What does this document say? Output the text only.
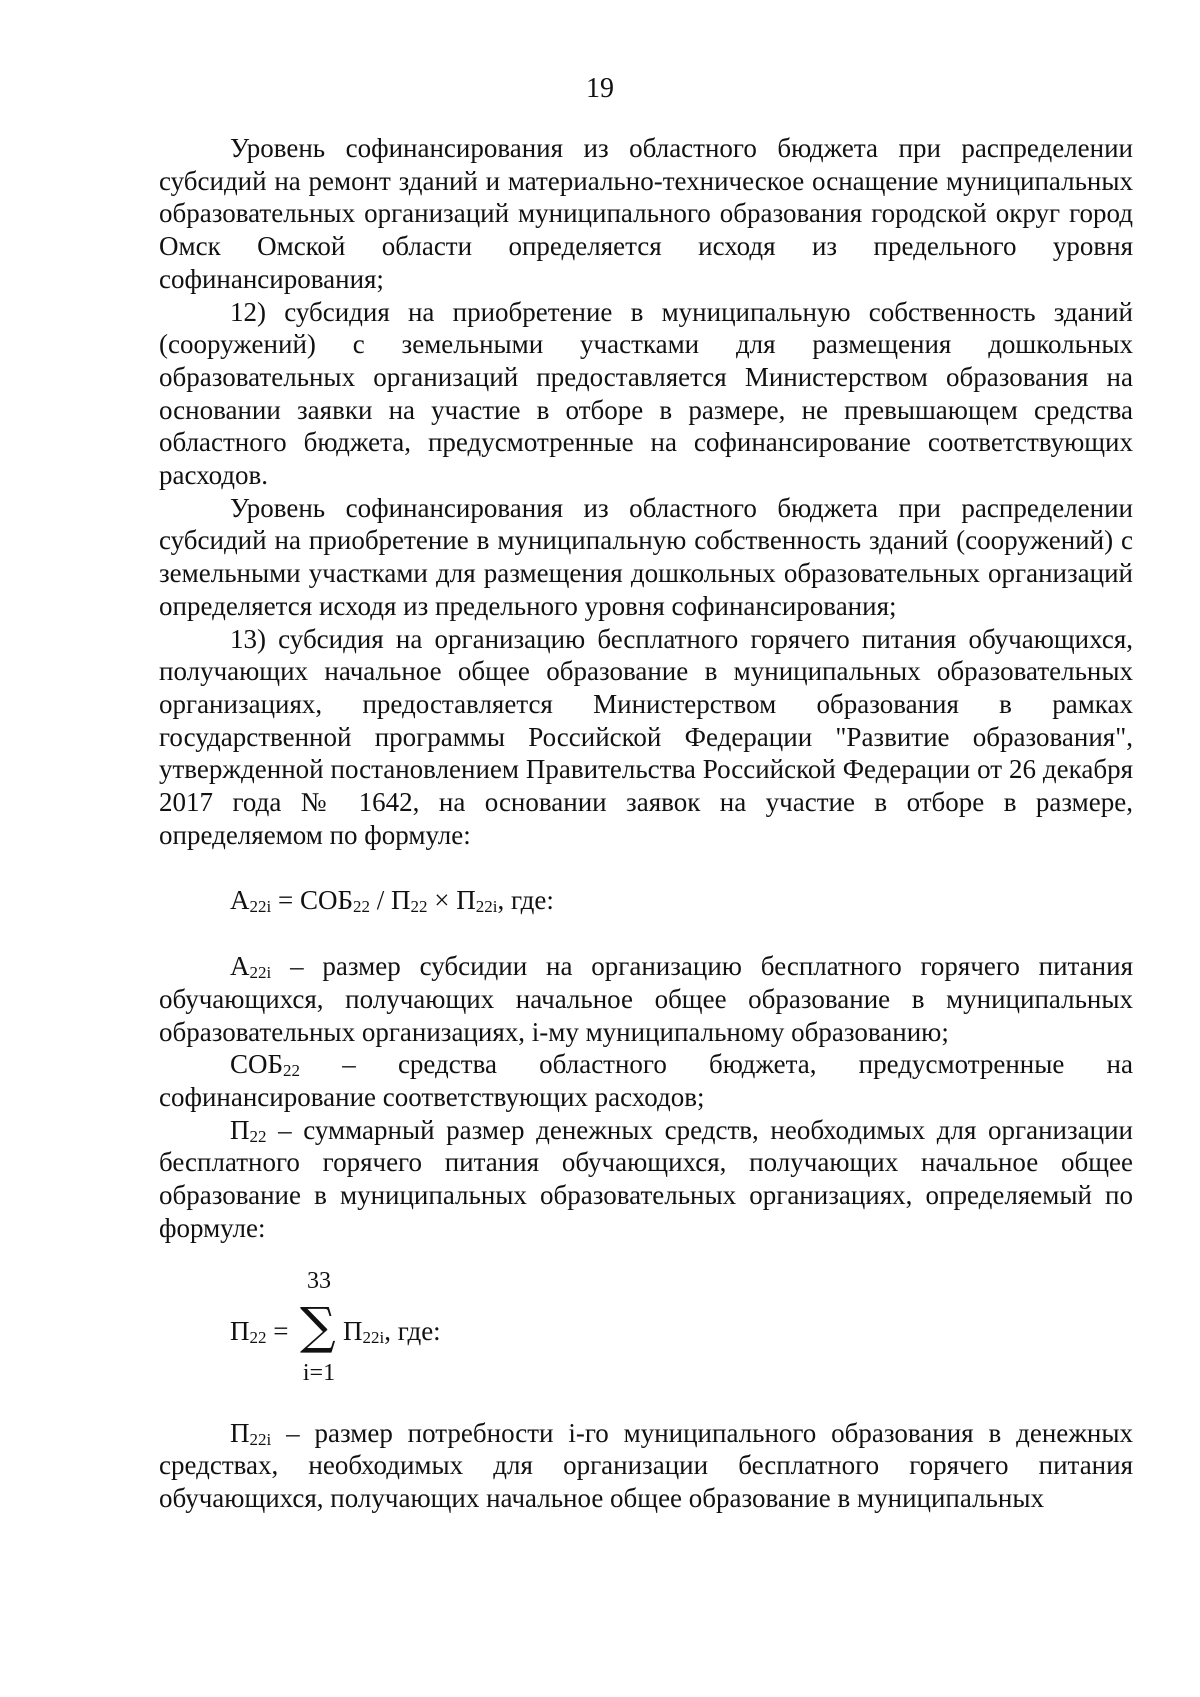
19

Уровень софинансирования из областного бюджета при распределении субсидий на ремонт зданий и материально-техническое оснащение муниципальных образовательных организаций муниципального образования городской округ город Омск Омской области определяется исходя из предельного уровня софинансирования;

12) субсидия на приобретение в муниципальную собственность зданий (сооружений) с земельными участками для размещения дошкольных образовательных организаций предоставляется Министерством образования на основании заявки на участие в отборе в размере, не превышающем средства областного бюджета, предусмотренные на софинансирование соответствующих расходов.

Уровень софинансирования из областного бюджета при распределении субсидий на приобретение в муниципальную собственность зданий (сооружений) с земельными участками для размещения дошкольных образовательных организаций определяется исходя из предельного уровня софинансирования;

13) субсидия на организацию бесплатного горячего питания обучающихся, получающих начальное общее образование в муниципальных образовательных организациях, предоставляется Министерством образования в рамках государственной программы Российской Федерации "Развитие образования", утвержденной постановлением Правительства Российской Федерации от 26 декабря 2017 года № 1642, на основании заявок на участие в отборе в размере, определяемом по формуле:

$А_{22i} = СОБ_{22} / П_{22} \times П_{22i}$, где:

$А_{22i}$ – размер субсидии на организацию бесплатного горячего питания обучающихся, получающих начальное общее образование в муниципальных образовательных организациях, i-му муниципальному образованию;

$СОБ_{22}$ – средства областного бюджета, предусмотренные на софинансирование соответствующих расходов;

$П_{22}$ – суммарный размер денежных средств, необходимых для организации бесплатного горячего питания обучающихся, получающих начальное общее образование в муниципальных образовательных организациях, определяемый по формуле:

33
$П_{22}$ = ∑ $П_{22i}$, где:
i=1

$П_{22i}$ – размер потребности i-го муниципального образования в денежных средствах, необходимых для организации бесплатного горячего питания обучающихся, получающих начальное общее образование в муниципальных
